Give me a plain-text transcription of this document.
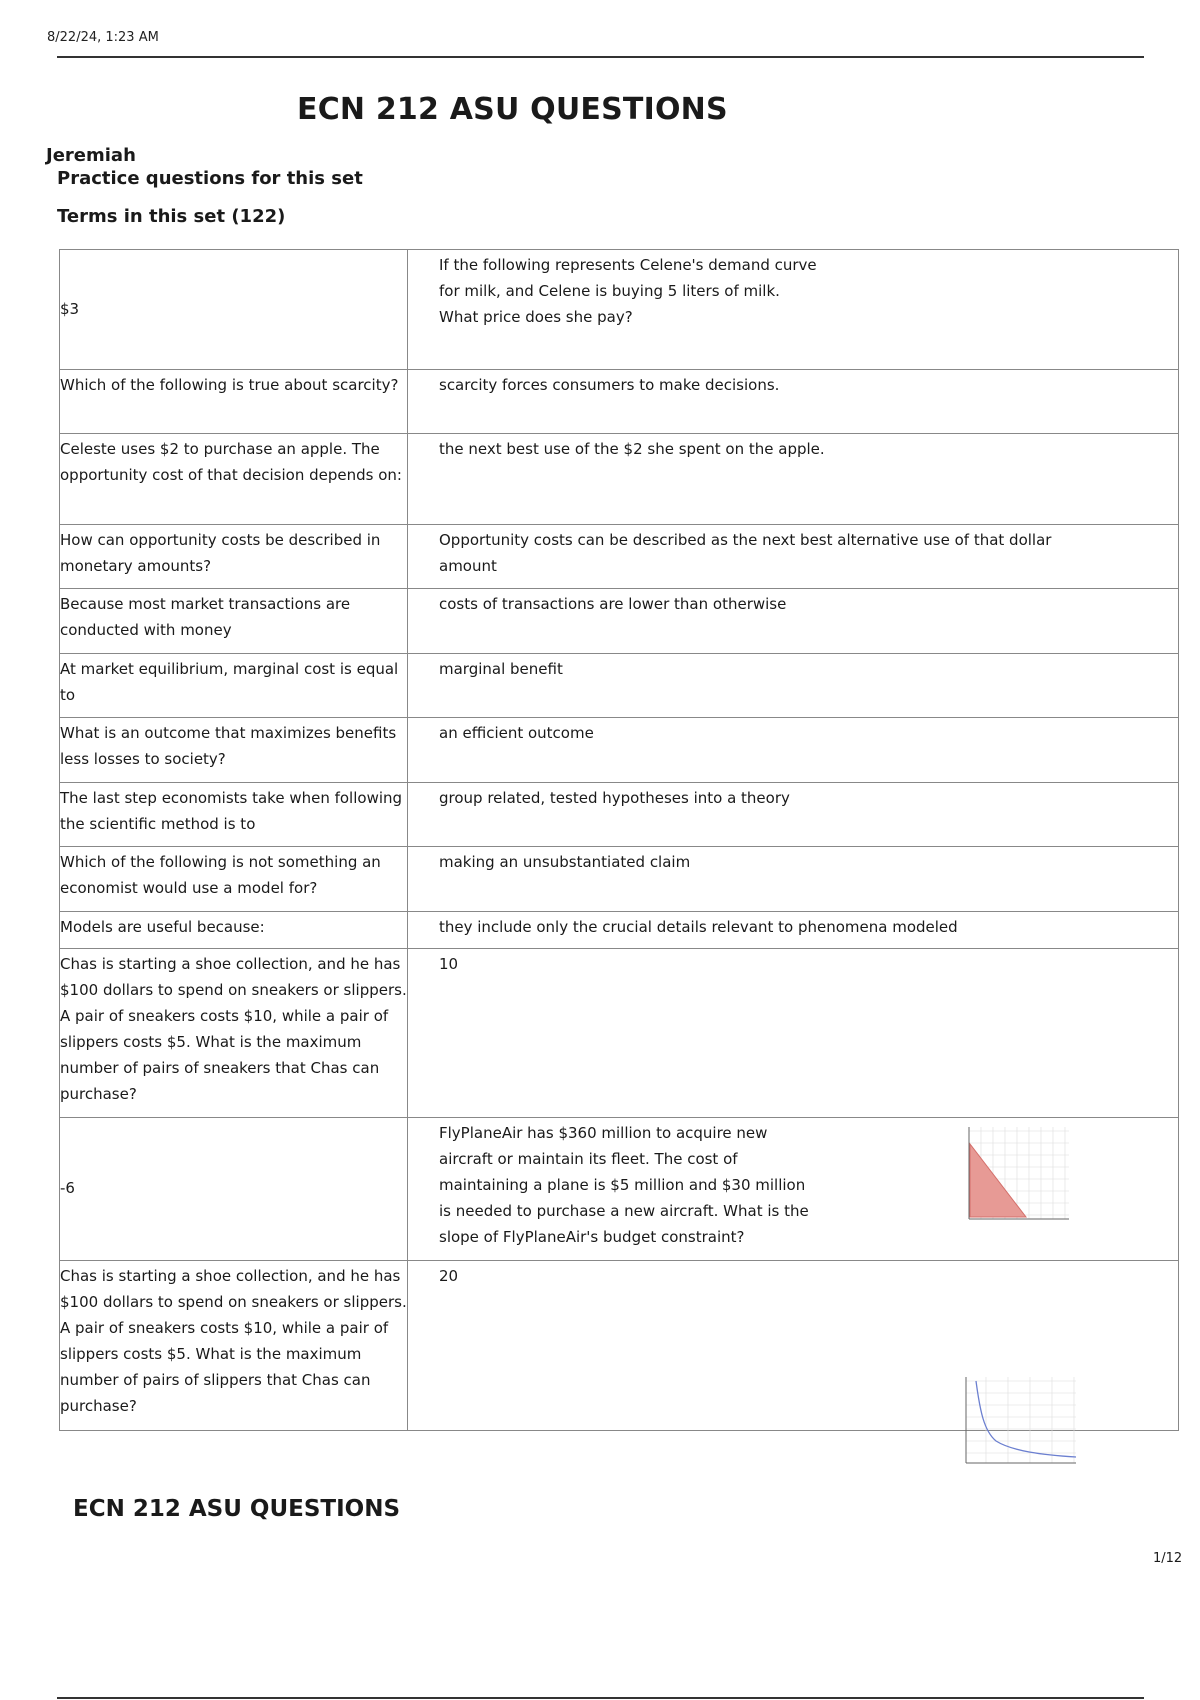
8/22/24, 1:23 AM
ECN 212 ASU QUESTIONS
Jeremiah
Practice questions for this set
Terms in this set (122)
$3	If the following represents Celene's demand curve for milk, and Celene is buying 5 liters of milk. What price does she pay?

Which of the following is true about scarcity?	scarcity forces consumers to make decisions.
Celeste uses $2 to purchase an apple. The opportunity cost of that decision depends on:	the next best use of the $2 she spent on the apple.
How can opportunity costs be described in monetary amounts?	Opportunity costs can be described as the next best alternative use of that dollar amount

Because most market transactions are conducted with money	costs of transactions are lower than otherwise
At market equilibrium, marginal cost is equal to	marginal benefit
What is an outcome that maximizes benefits less losses to society?	an efficient outcome
The last step economists take when following the scientific method is to	group related, tested hypotheses into a theory
Which of the following is not something an economist would use a model for?	making an unsubstantiated claim
Models are useful because:	they include only the crucial details relevant to phenomena modeled
Chas is starting a shoe collection, and he has $100 dollars to spend on sneakers or slippers. A pair of sneakers costs $10, while a pair of slippers costs $5. What is the maximum number of pairs of sneakers that Chas can purchase?	10
-6	FlyPlaneAir has $360 million to acquire new aircraft or maintain its fleet. The cost of maintaining a plane is $5 million and $30 million is needed to purchase a new aircraft. What is the slope of FlyPlaneAir's budget constraint?

Chas is starting a shoe collection, and he has $100 dollars to spend on sneakers or slippers. A pair of sneakers costs $10, while a pair of slippers costs $5. What is the maximum number of pairs of slippers that Chas can purchase?	20
ECN 212 ASU QUESTIONS
1/12
